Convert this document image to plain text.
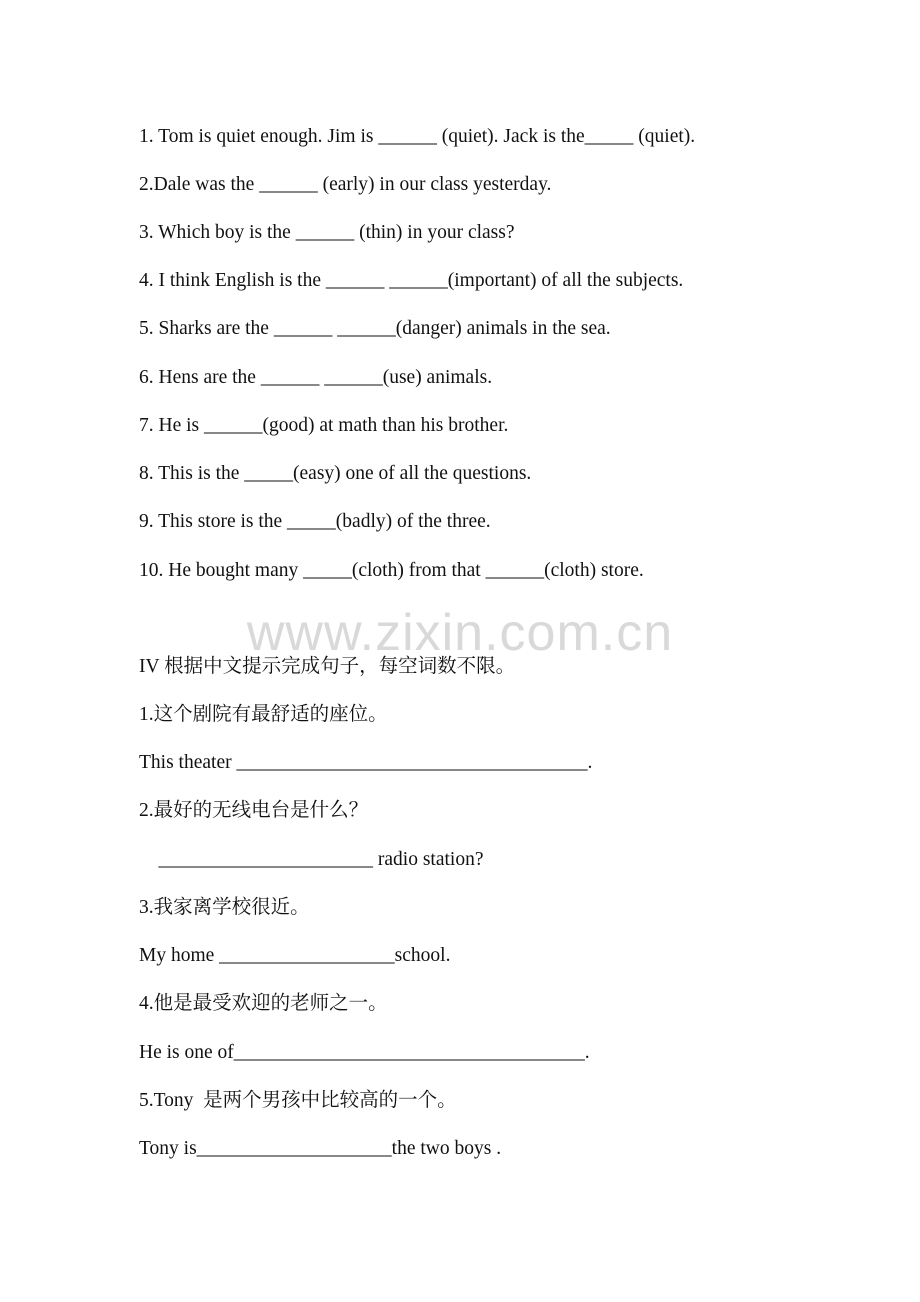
1. Tom is quiet enough. Jim is ______ (quiet). Jack is the_____ (quiet).
2.Dale was the ______ (early) in our class yesterday.
3. Which boy is the ______ (thin) in your class?
4. I think English is the ______ ______(important) of all the subjects.
5. Sharks are the ______ ______(danger) animals in the sea.
6. Hens are the ______ ______(use) animals.
7. He is ______(good) at math than his brother.
8. This is the _____(easy) one of all the questions.
9. This store is the _____(badly) of the three.
10. He bought many _____(cloth) from that ______(cloth) store.
www.zixin.com.cn
IV 根据中文提示完成句子，每空词数不限。
1.这个剧院有最舒适的座位。
This theater ____________________________________.
2.最好的无线电台是什么？
______________________ radio station?
3.我家离学校很近。
My home __________________school.
4.他是最受欢迎的老师之一。
He is one of____________________________________.
5.Tony  是两个男孩中比较高的一个。
Tony is____________________the two boys .
